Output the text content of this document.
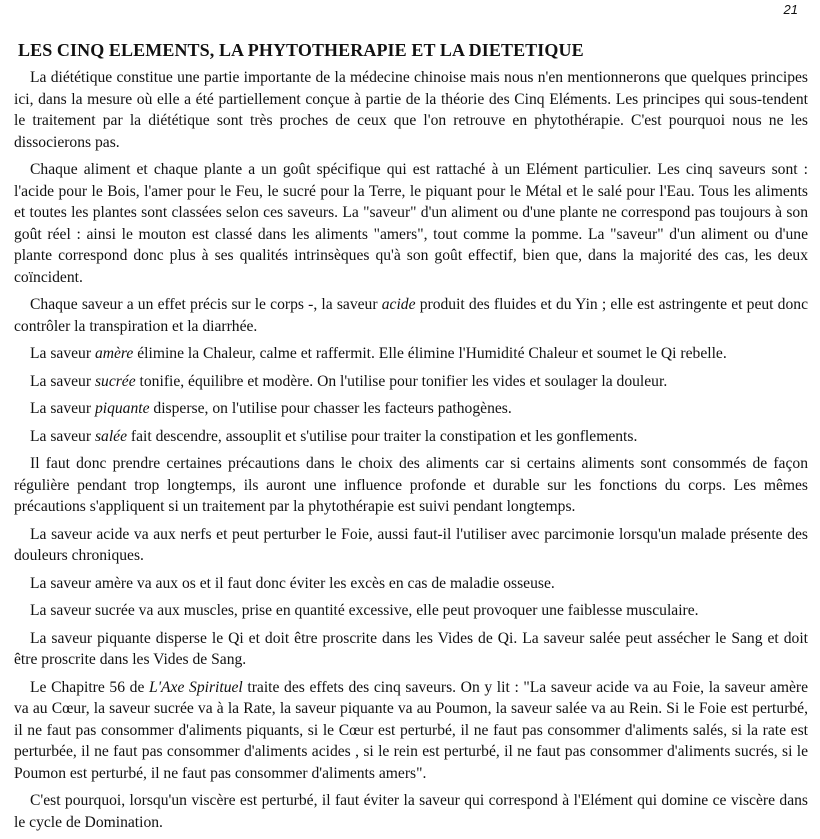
21
LES CINQ ELEMENTS, LA PHYTOTHERAPIE ET LA DIETETIQUE

La diététique constitue une partie importante de la médecine chinoise mais nous n'en mentionnerons que quelques principes ici, dans la mesure où elle a été partiellement conçue à partie de la théorie des Cinq Eléments. Les principes qui sous-tendent le traitement par la diététique sont très proches de ceux que l'on retrouve en phytothérapie. C'est pourquoi nous ne les dissocierons pas.

Chaque aliment et chaque plante a un goût spécifique qui est rattaché à un Elément particulier. Les cinq saveurs sont : l'acide pour le Bois, l'amer pour le Feu, le sucré pour la Terre, le piquant pour le Métal et le salé pour l'Eau. Tous les aliments et toutes les plantes sont classées selon ces saveurs. La "saveur" d'un aliment ou d'une plante ne correspond pas toujours à son goût réel : ainsi le mouton est classé dans les aliments "amers", tout comme la pomme. La "saveur" d'un aliment ou d'une plante correspond donc plus à ses qualités intrinsèques qu'à son goût effectif, bien que, dans la majorité des cas, les deux coïncident.

Chaque saveur a un effet précis sur le corps -, la saveur acide produit des fluides et du Yin ; elle est astringente et peut donc contrôler la transpiration et la diarrhée.

La saveur amère élimine la Chaleur, calme et raffermit. Elle élimine l'Humidité Chaleur et soumet le Qi rebelle.

La saveur sucrée tonifie, équilibre et modère. On l'utilise pour tonifier les vides et soulager la douleur.

La saveur piquante disperse, on l'utilise pour chasser les facteurs pathogènes.

La saveur salée fait descendre, assouplit et s'utilise pour traiter la constipation et les gonflements.

Il faut donc prendre certaines précautions dans le choix des aliments car si certains aliments sont consommés de façon régulière pendant trop longtemps, ils auront une influence profonde et durable sur les fonctions du corps. Les mêmes précautions s'appliquent si un traitement par la phytothérapie est suivi pendant longtemps.

La saveur acide va aux nerfs et peut perturber le Foie, aussi faut-il l'utiliser avec parcimonie lorsqu'un malade présente des douleurs chroniques.

La saveur amère va aux os et il faut donc éviter les excès en cas de maladie osseuse.

La saveur sucrée va aux muscles, prise en quantité excessive, elle peut provoquer une faiblesse musculaire.

La saveur piquante disperse le Qi et doit être proscrite dans les Vides de Qi. La saveur salée peut assécher le Sang et doit être proscrite dans les Vides de Sang.

Le Chapitre 56 de L'Axe Spirituel traite des effets des cinq saveurs. On y lit : "La saveur acide va au Foie, la saveur amère va au Cœur, la saveur sucrée va à la Rate, la saveur piquante va au Poumon, la saveur salée va au Rein. Si le Foie est perturbé, il ne faut pas consommer d'aliments piquants, si le Cœur est perturbé, il ne faut pas consommer d'aliments salés, si la rate est perturbée, il ne faut pas consommer d'aliments acides , si le rein est perturbé, il ne faut pas consommer d'aliments sucrés, si le Poumon est perturbé, il ne faut pas consommer d'aliments amers".

C'est pourquoi, lorsqu'un viscère est perturbé, il faut éviter la saveur qui correspond à l'Elément qui domine ce viscère dans le cycle de Domination.
